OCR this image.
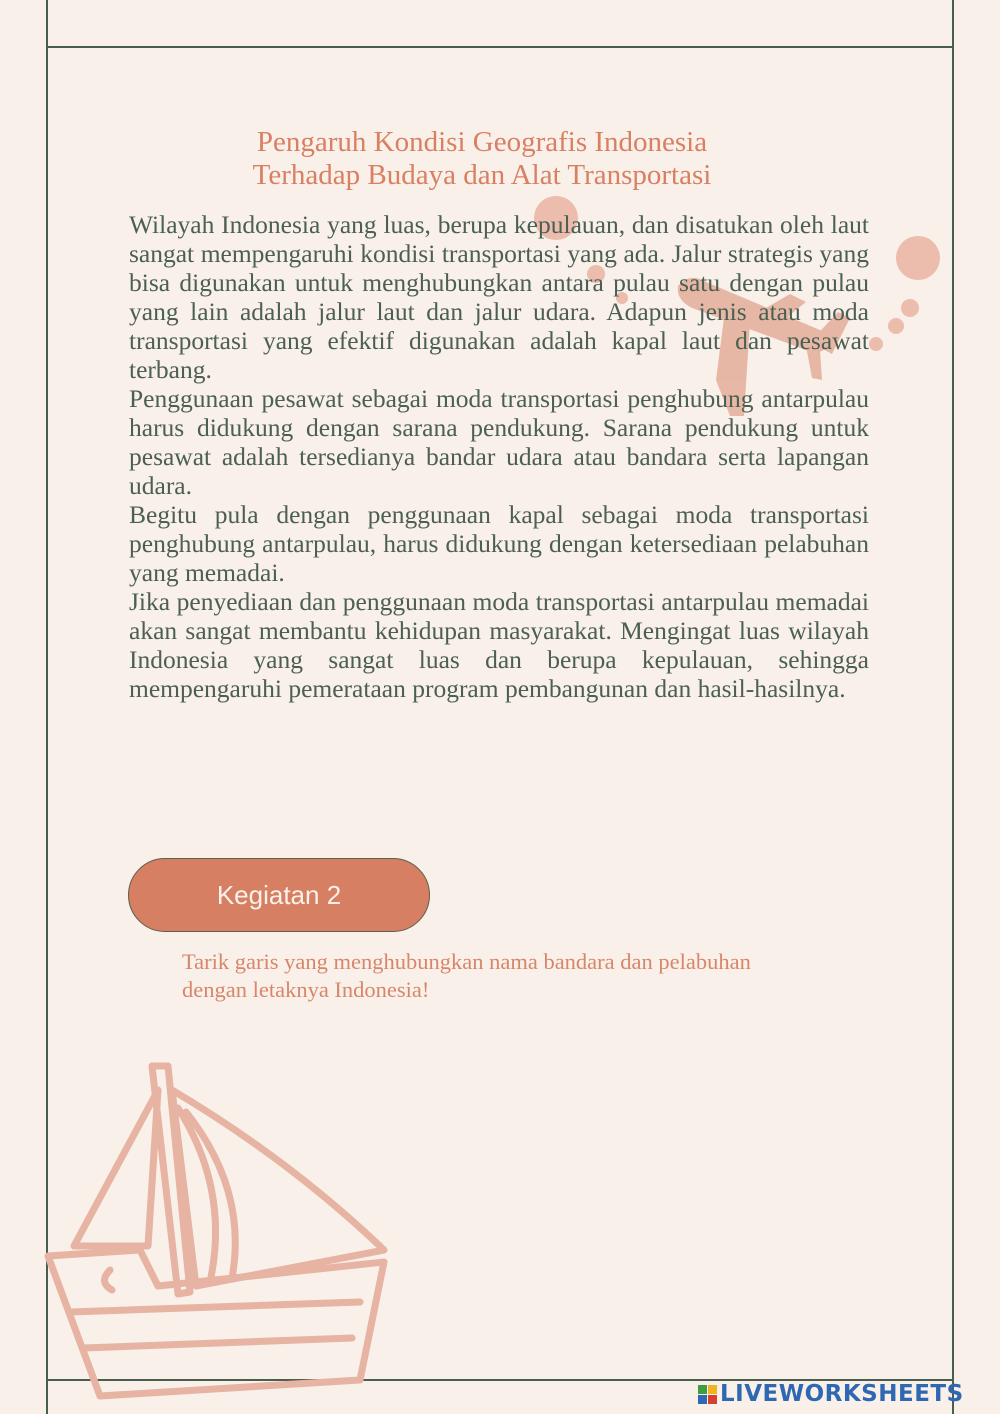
Pengaruh Kondisi Geografis Indonesia
Terhadap Budaya dan Alat Transportasi

Wilayah Indonesia yang luas, berupa kepulauan, dan disatukan oleh laut sangat mempengaruhi kondisi transportasi yang ada. Jalur strategis yang bisa digunakan untuk menghubungkan antara pulau satu dengan pulau yang lain adalah jalur laut dan jalur udara. Adapun jenis atau moda transportasi yang efektif digunakan adalah kapal laut dan pesawat terbang.

Penggunaan pesawat sebagai moda transportasi penghubung antarpulau harus didukung dengan sarana pendukung. Sarana pendukung untuk pesawat adalah tersedianya bandar udara atau bandara serta lapangan udara.

Begitu pula dengan penggunaan kapal sebagai moda transportasi penghubung antarpulau, harus didukung dengan ketersediaan pelabuhan yang memadai.

Jika penyediaan dan penggunaan moda transportasi antarpulau memadai akan sangat membantu kehidupan masyarakat. Mengingat luas wilayah Indonesia yang sangat luas dan berupa kepulauan, sehingga mempengaruhi pemerataan program pembangunan dan hasil-hasilnya.

Kegiatan 2
Tarik garis yang menghubungkan nama bandara dan pelabuhan
dengan letaknya Indonesia!
LIVEWORKSHEETS
